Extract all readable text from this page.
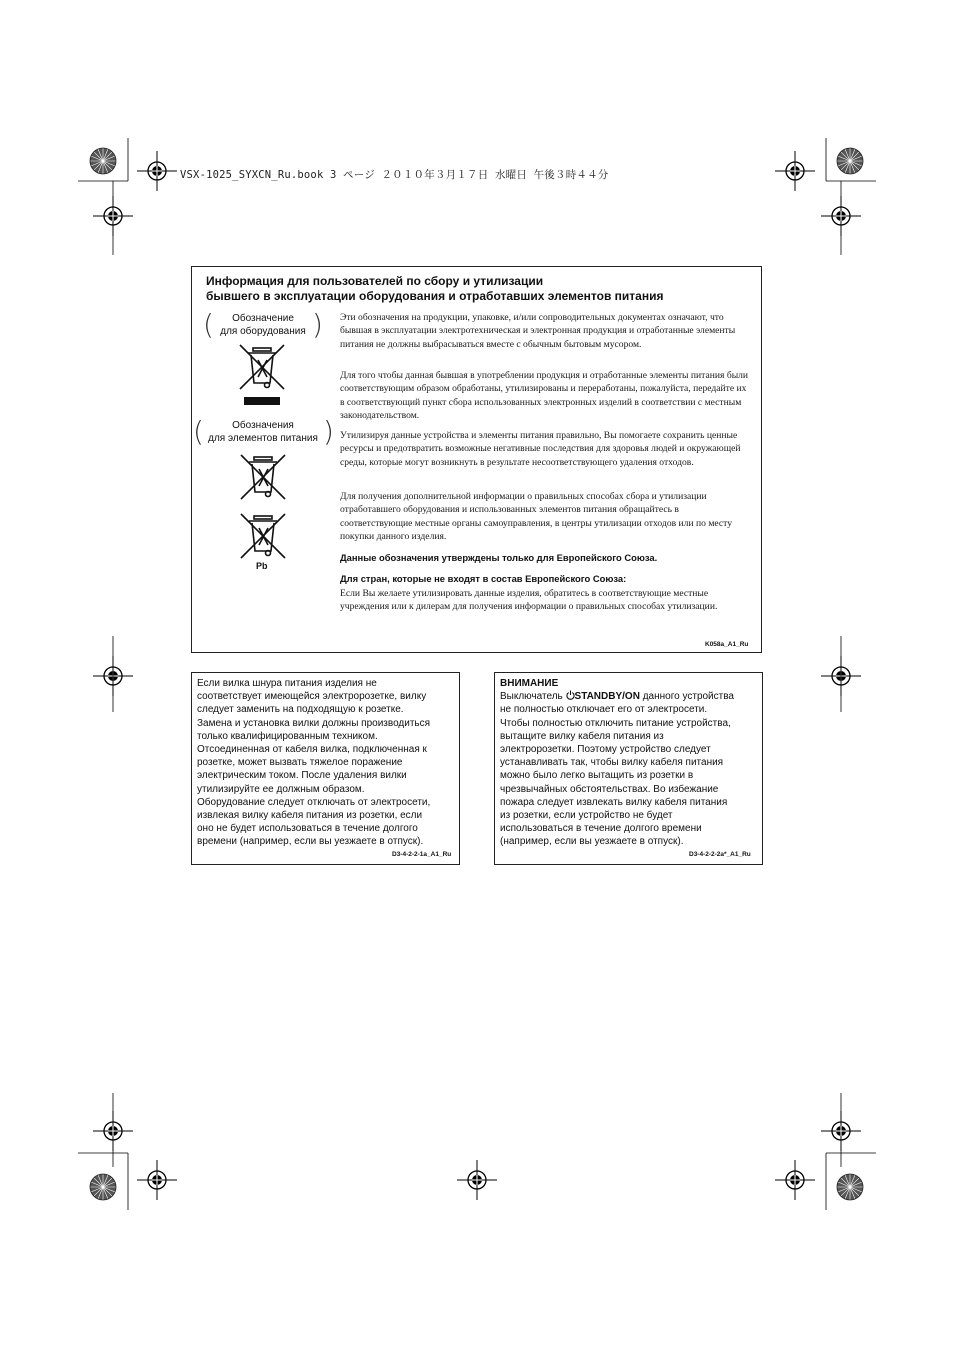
VSX-1025_SYXCN_Ru.book 3 ページ ２０１０年３月１７日 水曜日 午後３時４４分
Информация для пользователей по сбору и утилизации
бывшего в эксплуатации оборудования и отработавших элементов питания
(	Обозначение
для оборудования )
(	Обозначения
для элементов питания )
Pb
Эти обозначения на продукции, упаковке, и/или сопроводительных документах означают, что бывшая в эксплуатации электротехническая и электронная продукция и отработанные элементы питания не должны выбрасываться вместе с обычным бытовым мусором.
Для того чтобы данная бывшая в употреблении продукция и отработанные элементы питания были соответствующим образом обработаны, утилизированы и переработаны, пожалуйста, передайте их в соответствующий пункт сбора использованных электронных изделий в соответствии с местным законодательством.
Утилизируя данные устройства и элементы питания правильно, Вы помогаете сохранить ценные ресурсы и предотвратить возможные негативные последствия для здоровья людей и окружающей среды, которые могут возникнуть в результате несоответствующего удаления отходов.
Для получения дополнительной информации о правильных способах сбора и утилизации отработавшего оборудования и использованных элементов питания обращайтесь в соответствующие местные органы самоуправления, в центры утилизации отходов или по месту покупки данного изделия.
Данные обозначения утверждены только для Европейского Союза.
Для стран, которые не входят в состав Европейского Союза:
Если Вы желаете утилизировать данные изделия, обратитесь в соответствующие местные учреждения или к дилерам для получения информации о правильных способах утилизации.
K058a_A1_Ru
Если вилка шнура питания изделия не
соответствует имеющейся электророзетке, вилку
следует заменить на подходящую к розетке.
Замена и установка вилки должны производиться
только квалифицированным техником.
Отсоединенная от кабеля вилка, подключенная к
розетке, может вызвать тяжелое поражение
электрическим током. После удаления вилки
утилизируйте ее должным образом.
Оборудование следует отключать от электросети,
извлекая вилку кабеля питания из розетки, если
оно не будет использоваться в течение долгого
времени (например, если вы уезжаете в отпуск).
D3-4-2-2-1a_A1_Ru
ВНИМАНИЕ
Выключатель STANDBY/ON данного устройства
не полностью отключает его от электросети.
Чтобы полностью отключить питание устройства,
вытащите вилку кабеля питания из
электророзетки. Поэтому устройство следует
устанавливать так, чтобы вилку кабеля питания
можно было легко вытащить из розетки в
чрезвычайных обстоятельствах. Во избежание
пожара следует извлекать вилку кабеля питания
из розетки, если устройство не будет
использоваться в течение долгого времени
(например, если вы уезжаете в отпуск).
D3-4-2-2-2a*_A1_Ru
